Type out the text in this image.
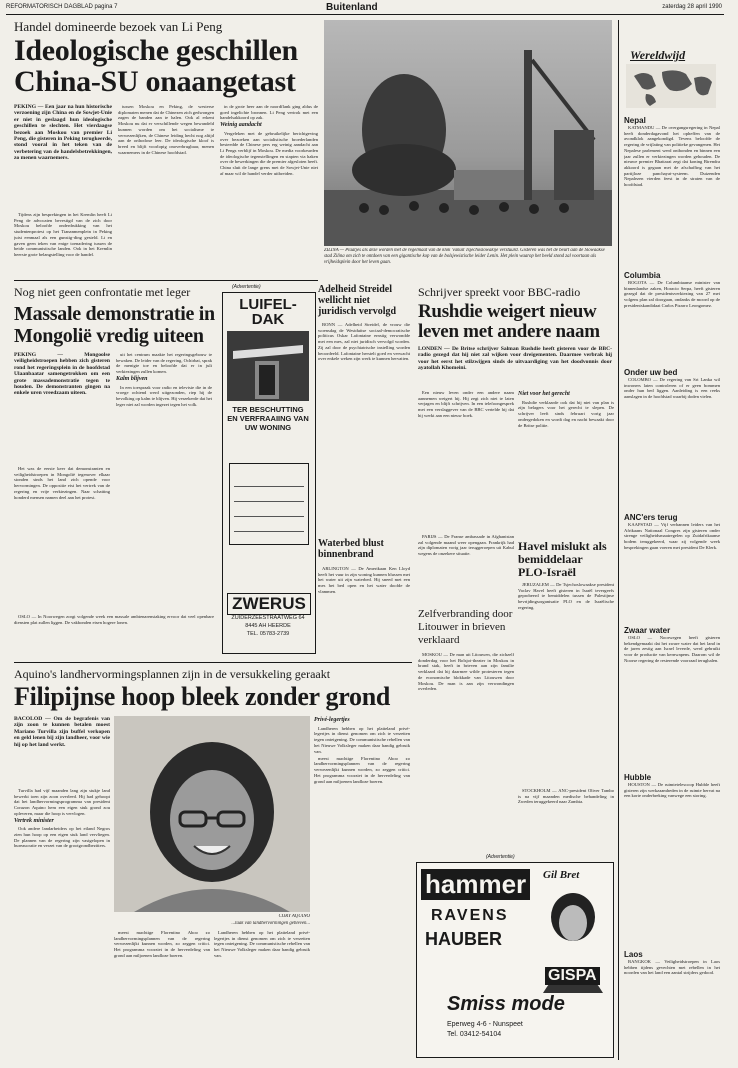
REFORMATORISCH DAGBLAD pagina 7	Buitenland	zaterdag 28 april 1990
Handel domineerde bezoek van Li Peng
Ideologische geschillen
China-SU onaangetast
PEKING — Een jaar na hun historische verzoening zijn China en de Sowjet-Unie er niet in geslaagd hun ideologische geschillen te slechten. Het vierdaagse bezoek aan Moskou van premier Li Peng, die gisteren in Peking terugkeerde, stond vooral in het teken van de verbetering van de handelsbetrekkingen, zo menen waarnemers.

Tijdens zijn besprekingen in het Kremlin heeft Li Peng de advocaten bevestigd van de zich door Moskou beloofde onderdrukking van het studentenprotest op het Tiananmenplein in Peking juist eenmaal als een gunstig-ding gesteld. Li en gaven geen teken van enige toenadering tussen de beide communistische landen. Ook in het Kremlin heerste grote belangstelling voor de handel.

tussen Moskou en Peking, de westerse diplomaten menen dat de Chinezen zich gedwongen zagen de banden aan te halen. Ook al erkent Moskou nu dat er verschillende wegen bewandeld kunnen worden om het socialisme te verwezenlijken, de Chinese leiding hecht nog altijd aan de orthodoxe leer. De ideologische kloof is breed en blijft voorlopig onoverbrugbaar, menen waarnemers in de Chinese hoofdstad.

in de grote heer aan de noordflank ging aldus de goed ingelichte bronnen. Li Peng vertrok met een handelsakkoord op zak.

Weinig aandacht

Vergeleken met de gebruikelijke berichtgeving over bezoeken aan socialistische broederlanden besteedde de Chinese pers erg weinig aandacht aan Li Pengs verblijf in Moskou. De media voorkeurden de ideologische tegenstellingen en stapten via haken over de bewerkingen die de premier afgesloten heeft. China sluit de lange grens met de Sowjet-Unie niet af maar wil de handel verder uitbreiden.

ZILINA — Plaatjes als deze worden met de regelmaat van de klok 'vanuit Tsjechoslowakije verstuurd. Gisteren was het de beurt aan de Slowaakse stad Zilina om zich te ontdoen van een gigantische kop van de bolsjewistische leider Lenin. Het plein waarop het beeld stond zal voortaan als vrijheidsplein door het leven gaan.
Wereldwijd
Nepal

KATMANDU — De overgangsregering in Nepal heeft donderdagavond het opheffen van de avondklok aangekondigd. Tevens beloofde de regering de vrijlating van politieke gevangenen. Het Nepalese parlement werd ontbonden en binnen een jaar zullen er verkiezingen worden gehouden. De nieuwe premier Bhattarai zegt dat koning Birendra akkoord is gegaan met de afschaffing van het partijloze panchayat-systeem. Duizenden Nepalezen vierden feest in de straten van de hoofdstad.

Columbia

BOGOTA — De Columbiaanse minister van binnenlandse zaken, Horacio Serpa, heeft gisteren gezegd dat de presidentsverkiezing van 27 mei volgens plan zal doorgaan, ondanks de moord op de presidentskandidaat Carlos Pizarro Leongomez.

Onder uw bed

COLOMBO — De regering van Sri Lanka wil inwoners laten controleren of er geen bommen onder hun bed liggen. Aanleiding is een reeks aanslagen in de hoofdstad waarbij doden vielen.

ANC'ers terug

KAAPSTAD — Vijf verbannen leiders van het Afrikaans Nationaal Congres zijn gisteren onder strenge veiligheidsmaatregelen op Zuidafrikaanse bodem teruggekeerd, waar zij volgende week besprekingen gaan voeren met president De Klerk.

Zwaar water

OSLO — Noorwegen heeft gisteren bekendgemaakt dat het zware water dat het land in de jaren zestig aan Israel leverde, werd gebruikt voor de productie van kernwapens. Daarom wil de Noorse regering de resterende voorraad terughalen.

Hubble

HOUSTON — De ruimtetelescoop Hubble heeft gisteren zijn werkzaamheden in de ruimte hervat na een korte onderbreking vanwege een storing.

Laos

BANGKOK — Veiligheidstroepen in Laos hebben tijdens gevechten met rebellen in het noorden van het land een aantal strijders gedood.

Nog niet geen confrontatie met leger
Massale demonstratie in
Mongolië vredig uiteen
PEKING — Mongoolse veiligheidstroepen hebben zich gisteren rond het regeringsplein in de hoofdstad Ulaanbaatar samengetrokken om een grote massademonstratie tegen te houden. De demonstranten gingen na enkele uren vreedzaam uiteen.

Het was de eerste keer dat demonstranten en veiligheidstroepen in Mongolië tegenover elkaar stonden sinds het land zich opende voor hervormingen. De oppositie eist het vertrek van de regering en vrije verkiezingen. Naar schatting honderd mensen namen deel aan het protest.

uit het centrum maakte het regeringsgebouw te bewaken. De leider van de regering, Ochirbat, sprak de menigte toe en beloofde dat er in juli verkiezingen zullen komen.

Kalm blijven

In een toespraak voor radio en televisie die in de vroege ochtend werd uitgezonden, riep hij de bevolking op kalm te blijven. Hij verzekerde dat het leger niet zal worden ingezet tegen het volk.

OSLO — In Noorwegen zorgt volgende week een massale ambtenarenstaking ervoor dat veel openbare diensten plat zullen liggen. De vakbonden eisen hogere lonen.

(Advertentie)
LUIFEL-DAK
TER BESCHUTTING EN VERFRAAIING VAN UW WONING
ZWERUS
ZUIDERZEESTRAATWEG 64
8445 AH HEERDE
TEL. 05783-2739
Adelheid Streidel wellicht niet juridisch vervolgd

BONN — Adelheid Streidel, de vrouw die woensdag de Westduitse sociaal-democratische politicus Oskar Lafontaine ernstig verwondde met een mes, zal niet juridisch vervolgd worden. Zij zal door de psychiatrische instelling worden beoordeeld. Lafontaine herstelt goed en verwacht over enkele weken zijn werk te kunnen hervatten.

Waterbed blust binnenbrand

ARLINGTON — De Amerikaan Ken Lloyd heeft het vuur in zijn woning kunnen blussen met het water uit zijn waterbed. Hij sneed met een mes het bed open en het water doofde de vlammen.

Schrijver spreekt voor BBC-radio
Rushdie weigert nieuw
leven met andere naam
LONDEN — De Britse schrijver Salman Rushdie heeft gisteren voor de BBC-radio gezegd dat hij niet zal wijken voor dreigementen. Daarmee verbrak hij voor het eerst het stilzwijgen sinds de uitvaardiging van het doodvonnis door ayatollah Khomeini.

Een nieuw leven onder een andere naam aannemen weigert hij. Hij zegt zich niet te laten verjagen en blijft schrijven. In een telefoongesprek met een verslaggever van de BBC vertelde hij dat hij werkt aan een nieuw boek.

Niet voor het gerecht

Rushdie verklaarde ook dat hij niet van plan is zijn belagers voor het gerecht te slepen. De schrijver leeft sinds februari vorig jaar ondergedoken en wordt dag en nacht bewaakt door de Britse politie.

PARIJS — De Franse ambassade in Afghanistan zal volgende maand weer opengaan. Frankrijk had zijn diplomaten vorig jaar teruggeroepen uit Kabul wegens de onzekere situatie.

Havel mislukt als bemiddelaar PLO-Israël

JERUZALEM — De Tsjechoslowaakse president Vaclav Havel heeft gisteren in Israël tevergeefs geprobeerd te bemiddelen tussen de Palestijnse bevrijdingsorganisatie PLO en de Israëlische regering.

STOCKHOLM — ANC-president Oliver Tambo is na vijf maanden medische behandeling in Zweden teruggekeerd naar Zambia.

Zelfverbranding door Litouwer in brieven verklaard

MOSKOU — De man uit Litouwen, die zichzelf donderdag voor het Bolsjoi-theater in Moskou in brand stak, heeft in brieven aan zijn familie verklaard dat hij daarmee wilde protesteren tegen de economische blokkade van Litouwen door Moskou. De man is aan zijn verwondingen overleden.

Aquino's landhervormingsplannen zijn in de versukkeling geraakt
Filipijnse hoop bleek zonder grond
BACOLOD — Om de begrafenis van zijn zoon te kunnen betalen moest Mariano Turvilla zijn buffel verkopen en geld lenen bij zijn landheer, voor wie hij op het land werkt.

Turvilla had vijf maanden lang zijn stukje land bewerkt toen zijn zoon overleed. Hij had gehoopt dat het landhervormingsprogramma van president Corazon Aquino hem een eigen stuk grond zou opleveren, maar die hoop is vervlogen.

Vertrek minister

Ook andere landarbeiders op het eiland Negros zien hun hoop op een eigen stuk land vervliegen. De plannen van de regering zijn vastgelopen in bureaucratie en verzet van de grootgrondbezitters.

CORY AQUINO
...taak van landhervormingen gebleven...

meest machtige Florentino Aboo zo landhervormingsplannen van de regering verwezenlijkt kunnen worden, zo zeggen critici. Het programma voorziet in de herverdeling van grond aan miljoenen landloze boeren.

Landheren hebben op het platteland privé-legertjes in dienst genomen om zich te verzetten tegen onteigening. De communistische rebellen van het Nieuwe Volksleger maken daar handig gebruik van.

Privé-legertjes

Landheren hebben op het platteland privé-legertjes in dienst genomen om zich te verzetten tegen onteigening. De communistische rebellen van het Nieuwe Volksleger maken daar handig gebruik van.

meest machtige Florentino Aboo zo landhervormingsplannen van de regering verwezenlijkt kunnen worden, zo zeggen critici. Het programma voorziet in de herverdeling van grond aan miljoenen landloze boeren.

(Advertentie)
hammer
RAVENS
HAUBER
Gil Bret
GISPA
Smiss mode
Eperweg 4-6 - Nunspeet
Tel. 03412-54104
